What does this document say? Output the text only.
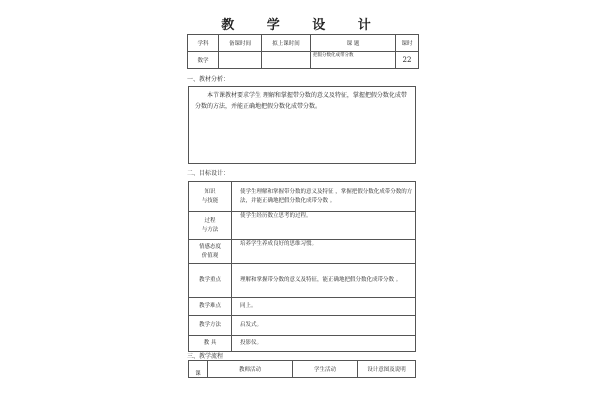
教 学 设 计
学科	备课时间	拟上课时间	课 题	课时
数学			把假分数化成带分数	22
一、教材分析：

本节课教材要求学生 理解和掌握带分数的意义及特征，掌握把假分数化成带分数的方法，并能正确地把假分数化成带分数。

二、目标设计：
知识
与技能	使学生理解和掌握带分数的意义及特征 ，掌握把假分数化成带分数的方法，并能正确地把假分数化成带分数 。
过程
与方法	使学生经历数立思考的过程。
情感态度
价值观	培养学生养成良好的思维习惯。
教学重点	理解和掌握带分数的意义及特征，能正确地把假分数化成带分数 。
教学难点	同上。
教学方法	启发式。
教 具	投影仪。
三、教学流程
课	教师活动	学生活动	设计意图及说明
